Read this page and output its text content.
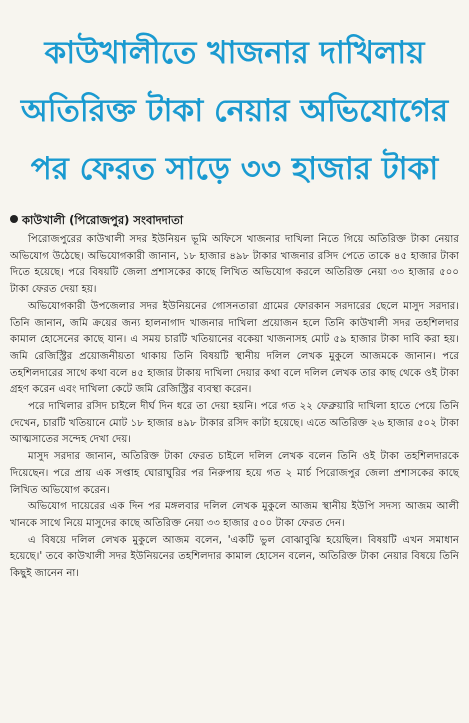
কাউখালীতে খাজনার দাখিলায়
অতিরিক্ত টাকা নেয়ার অভিযোগের
পর ফেরত সাড়ে ৩৩ হাজার টাকা
কাউখালী (পিরোজপুর) সংবাদদাতা

পিরোজপুরের কাউখালী সদর ইউনিয়ন ভূমি অফিসে খাজনার দাখিলা নিতে গিয়ে অতিরিক্ত টাকা নেয়ার অভিযোগ উঠেছে। অভিযোগকারী জানান, ১৮ হাজার ৪৯৮ টাকার খাজনার রসিদ পেতে তাকে ৪৫ হাজার টাকা দিতে হয়েছে। পরে বিষয়টি জেলা প্রশাসকের কাছে লিখিত অভিযোগ করলে অতিরিক্ত নেয়া ৩৩ হাজার ৫০০ টাকা ফেরত দেয়া হয়।

অভিযোগকারী উপজেলার সদর ইউনিয়নের গোসনতারা গ্রামের ফোরকান সরদারের ছেলে মাসুদ সরদার। তিনি জানান, জমি ক্রয়ের জন্য হালনাগাদ খাজনার দাখিলা প্রয়োজন হলে তিনি কাউখালী সদর তহশিলদার কামাল হোসেনের কাছে যান। এ সময় চারটি খতিয়ানের বকেয়া খাজনাসহ মোট ৫৯ হাজার টাকা দাবি করা হয়। জমি রেজিস্ট্রির প্রয়োজনীয়তা থাকায় তিনি বিষয়টি স্থানীয় দলিল লেখক মুকুলে আজমকে জানান। পরে তহশিলদারের সাথে কথা বলে ৪৫ হাজার টাকায় দাখিলা দেয়ার কথা বলে দলিল লেখক তার কাছ থেকে ওই টাকা গ্রহণ করেন এবং দাখিলা কেটে জমি রেজিস্ট্রির ব্যবস্থা করেন।

পরে দাখিলার রসিদ চাইলে দীর্ঘ দিন ধরে তা দেয়া হয়নি। পরে গত ২২ ফেব্রুয়ারি দাখিলা হাতে পেয়ে তিনি দেখেন, চারটি খতিয়ানে মোট ১৮ হাজার ৪৯৮ টাকার রসিদ কাটা হয়েছে। এতে অতিরিক্ত ২৬ হাজার ৫০২ টাকা আত্মসাতের সন্দেহ দেখা দেয়।

মাসুদ সরদার জানান, অতিরিক্ত টাকা ফেরত চাইলে দলিল লেখক বলেন তিনি ওই টাকা তহশিলদারকে দিয়েছেন। পরে প্রায় এক সপ্তাহ ঘোরাঘুরির পর নিরুপায় হয়ে গত ২ মার্চ পিরোজপুর জেলা প্রশাসকের কাছে লিখিত অভিযোগ করেন।

অভিযোগ দায়েরের এক দিন পর মঙ্গলবার দলিল লেখক মুকুলে আজম স্থানীয় ইউপি সদস্য আজম আলী খানকে সাথে নিয়ে মাসুদের কাছে অতিরিক্ত নেয়া ৩৩ হাজার ৫০০ টাকা ফেরত দেন।

এ বিষয়ে দলিল লেখক মুকুলে আজম বলেন, 'একটি ভুল বোঝাবুঝি হয়েছিল। বিষয়টি এখন সমাধান হয়েছে।' তবে কাউখালী সদর ইউনিয়নের তহশিলদার কামাল হোসেন বলেন, অতিরিক্ত টাকা নেয়ার বিষয়ে তিনি কিছুই জানেন না।
